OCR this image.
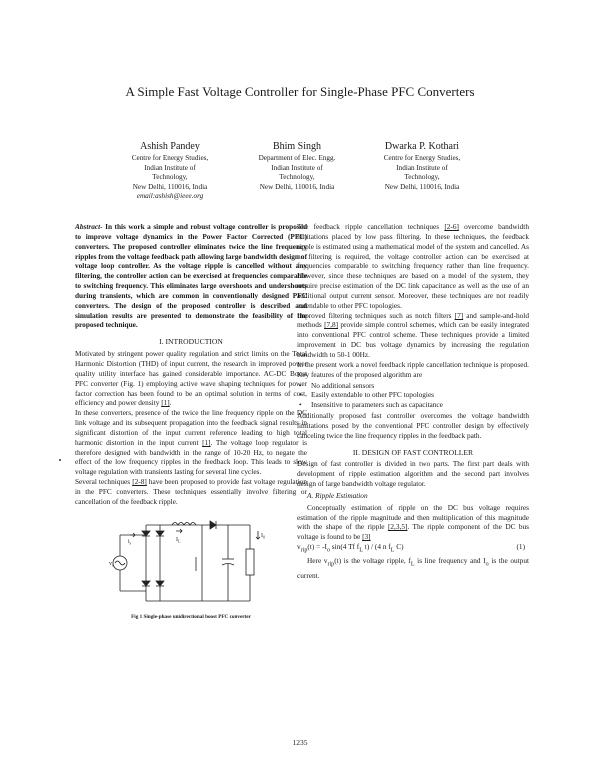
A Simple Fast Voltage Controller for Single-Phase PFC Converters
Ashish Pandey
Centre for Energy Studies,
Indian Institute of
Technology,
New Delhi, 110016, India
email:ashish@ieee.org
Bhim Singh
Department of Elec. Engg.
Indian Institute of
Technology,
New Delhi, 110016, India
Dwarka P. Kothari
Centre for Energy Studies,
Indian Institute of
Technology,
New Delhi, 110016, India

Abstract- In this work a simple and robust voltage controller is proposed to improve voltage dynamics in the Power Factor Corrected (PFC) converters. The proposed controller eliminates twice the line frequency ripples from the voltage feedback path allowing large bandwidth design of voltage loop controller. As the voltage ripple is cancelled without any filtering, the controller action can be exercised at frequencies comparable to switching frequency. This eliminates large overshoots and undershoots during transients, which are common in conventionally designed PFC converters. The design of the proposed controller is described and simulation results are presented to demonstrate the feasibility of the proposed technique.

I. INTRODUCTION

Motivated by stringent power quality regulation and strict limits on the Total Harmonic Distortion (THD) of input current, the research in improved power quality utility interface has gained considerable importance. AC-DC Boost PFC converter (Fig. 1) employing active wave shaping techniques for power factor correction has been found to be an optimal solution in terms of cost, efficiency and power density [1].

In these converters, presence of the twice the line frequency ripple on the DC link voltage and its subsequent propagation into the feedback signal results in significant distortion of the input current reference leading to high total harmonic distortion in the input current [1]. The voltage loop regulator is therefore designed with bandwidth in the range of 10-20 Hz, to negate the effect of the low frequency ripples in the feedback loop. This leads to slow voltage regulation with transients lasting for several line cycles.

Several techniques [2-8] have been proposed to provide fast voltage regulation in the PFC converters. These techniques essentially involve filtering or cancellation of the feedback ripple.

$v_s$
$i_s$	$I_L$
$I_0$
Fig 1 Single-phase unidirectional boost PFC converter

The feedback ripple cancellation techniques [2-6] overcome bandwidth limitations placed by low pass filtering. In these techniques, the feedback ripple is estimated using a mathematical model of the system and cancelled. As no filtering is required, the voltage controller action can be exercised at frequencies comparable to switching frequency rather than line frequency. However, since these techniques are based on a model of the system, they require precise estimation of the DC link capacitance as well as the use of an additional output current sensor. Moreover, these techniques are not readily extendable to other PFC topologies.

Improved filtering techniques such as notch filters [7] and sample-and-hold methods [7,8] provide simple control schemes, which can be easily integrated into conventional PFC control scheme. These techniques provide a limited improvement in DC bus voltage dynamics by increasing the regulation bandwidth to 50-1 00Hz.

In the present work a novel feedback ripple cancellation technique is proposed. Key features of the proposed algorithm are

• No additional sensors
• Easily extendable to other PFC topologies
• Insensitive to parameters such as capacitance

Additionally proposed fast controller overcomes the voltage bandwidth limitations posed by the conventional PFC controller design by effectively canceling twice the line frequency ripples in the feedback path.

II. DESIGN OF FAST CONTROLLER

Design of fast controller is divided in two parts. The first part deals with development of ripple estimation algorithm and the second part involves design of large bandwidth voltage regulator.

A. Ripple Estimation

Conceptually estimation of ripple on the DC bus voltage requires estimation of the ripple magnitude and then multiplication of this magnitude with the shape of the ripple [2,3,5]. The ripple component of the DC bus voltage is found to be [3]

$v_{rip}(t) = -I_o$ sin(4 Tf $f_L$ t) / (4 n $f_L$ C)	(1)

Here $v_{rip}(t)$ is the voltage ripple, $f_L$ is line frequency and $I_o$ is the output current.

1235
